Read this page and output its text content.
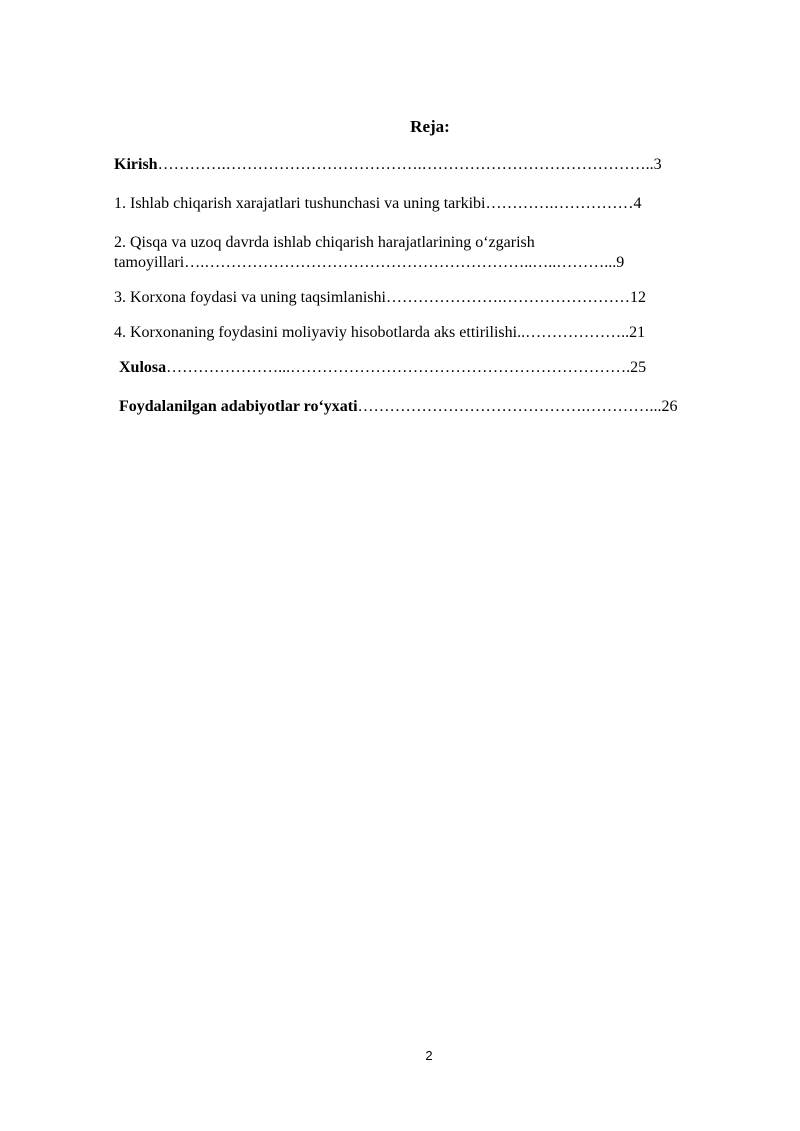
Reja:
Kirish………….……………………………….……………………………………..3
1. Ishlab chiqarish xarajatlari tushunchasi va uning tarkibi………….……………4
2. Qisqa va uzoq davrda ishlab chiqarish harajatlarining o‘zgarish
tamoyillari….……………………………………………………..…..………...9
3. Korxona foydasi va uning taqsimlanishi………………….……………………12
4. Korxonaning foydasini moliyaviy hisobotlarda aks ettirilishi..………………..21
Xulosa…………………...……………………………………………………….25
Foydalanilgan adabiyotlar ro‘yxati…………………………………….…………...26
2
